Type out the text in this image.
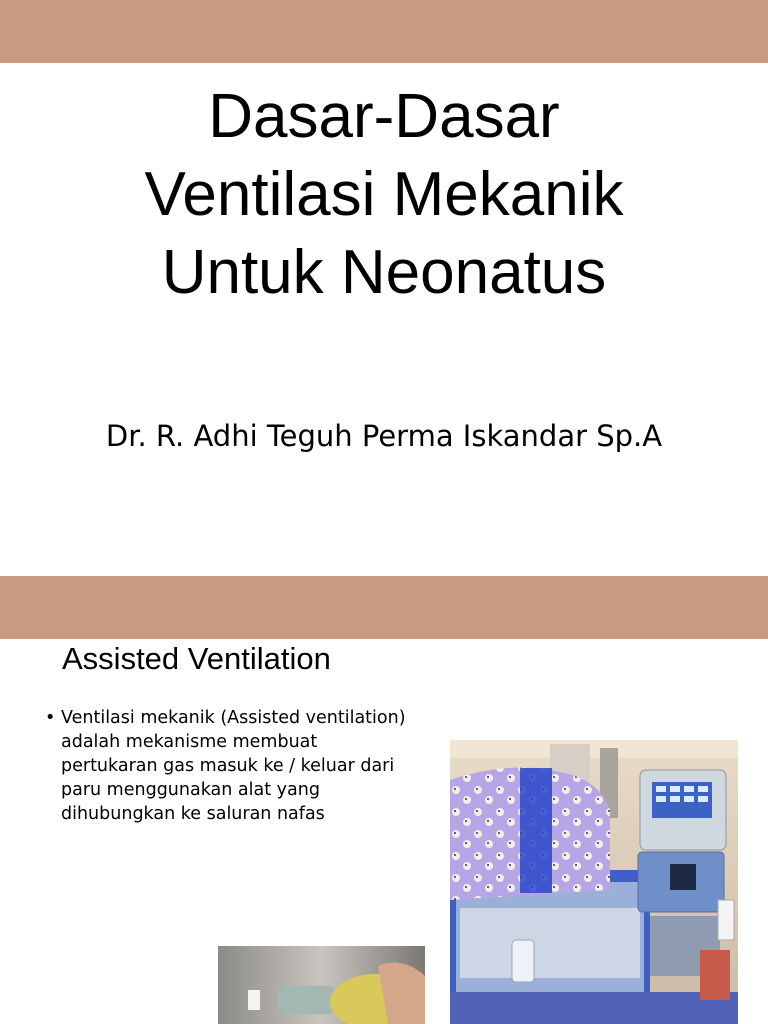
Dasar-Dasar
Ventilasi Mekanik
Untuk Neonatus
Dr. R. Adhi Teguh Perma Iskandar Sp.A
Assisted Ventilation
• Ventilasi mekanik (Assisted ventilation)
adalah mekanisme membuat
pertukaran gas masuk ke / keluar dari
paru menggunakan alat yang
dihubungkan ke saluran nafas
